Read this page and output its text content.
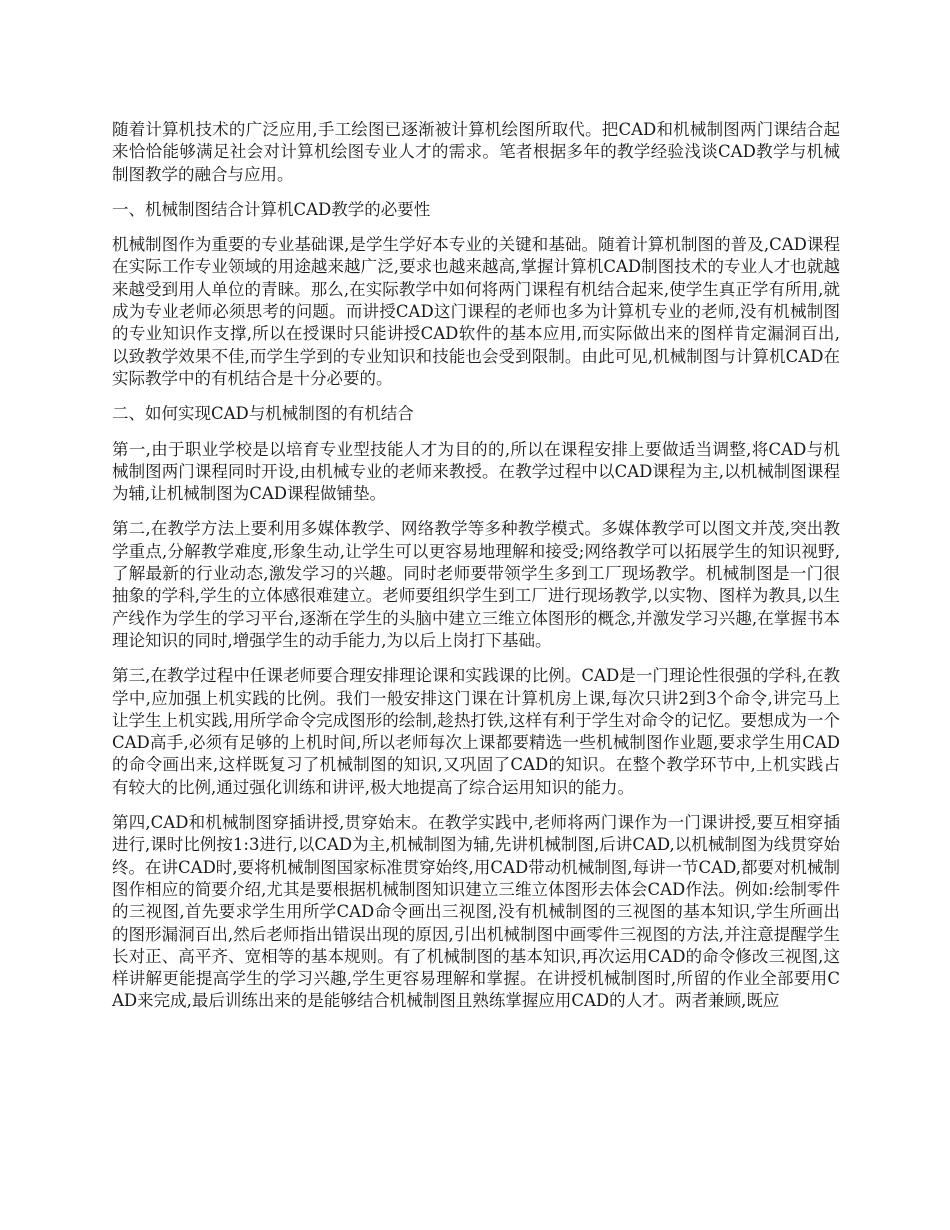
随着计算机技术的广泛应用,手工绘图已逐渐被计算机绘图所取代。把CAD和机械制图两门课结合起来恰恰能够满足社会对计算机绘图专业人才的需求。笔者根据多年的教学经验浅谈CAD教学与机械制图教学的融合与应用。

一、机械制图结合计算机CAD教学的必要性

机械制图作为重要的专业基础课,是学生学好本专业的关键和基础。随着计算机制图的普及,CAD课程在实际工作专业领域的用途越来越广泛,要求也越来越高,掌握计算机CAD制图技术的专业人才也就越来越受到用人单位的青睐。那么,在实际教学中如何将两门课程有机结合起来,使学生真正学有所用,就成为专业老师必须思考的问题。而讲授CAD这门课程的老师也多为计算机专业的老师,没有机械制图的专业知识作支撑,所以在授课时只能讲授CAD软件的基本应用,而实际做出来的图样肯定漏洞百出,以致教学效果不佳,而学生学到的专业知识和技能也会受到限制。由此可见,机械制图与计算机CAD在实际教学中的有机结合是十分必要的。

二、如何实现CAD与机械制图的有机结合

第一,由于职业学校是以培育专业型技能人才为目的的,所以在课程安排上要做适当调整,将CAD与机械制图两门课程同时开设,由机械专业的老师来教授。在教学过程中以CAD课程为主,以机械制图课程为辅,让机械制图为CAD课程做铺垫。

第二,在教学方法上要利用多媒体教学、网络教学等多种教学模式。多媒体教学可以图文并茂,突出教学重点,分解教学难度,形象生动,让学生可以更容易地理解和接受;网络教学可以拓展学生的知识视野,了解最新的行业动态,激发学习的兴趣。同时老师要带领学生多到工厂现场教学。机械制图是一门很抽象的学科,学生的立体感很难建立。老师要组织学生到工厂进行现场教学,以实物、图样为教具,以生产线作为学生的学习平台,逐渐在学生的头脑中建立三维立体图形的概念,并激发学习兴趣,在掌握书本理论知识的同时,增强学生的动手能力,为以后上岗打下基础。

第三,在教学过程中任课老师要合理安排理论课和实践课的比例。CAD是一门理论性很强的学科,在教学中,应加强上机实践的比例。我们一般安排这门课在计算机房上课,每次只讲2到3个命令,讲完马上让学生上机实践,用所学命令完成图形的绘制,趁热打铁,这样有利于学生对命令的记忆。要想成为一个CAD高手,必须有足够的上机时间,所以老师每次上课都要精选一些机械制图作业题,要求学生用CAD的命令画出来,这样既复习了机械制图的知识,又巩固了CAD的知识。在整个教学环节中,上机实践占有较大的比例,通过强化训练和讲评,极大地提高了综合运用知识的能力。

第四,CAD和机械制图穿插讲授,贯穿始末。在教学实践中,老师将两门课作为一门课讲授,要互相穿插进行,课时比例按1:3进行,以CAD为主,机械制图为辅,先讲机械制图,后讲CAD,以机械制图为线贯穿始终。在讲CAD时,要将机械制图国家标准贯穿始终,用CAD带动机械制图,每讲一节CAD,都要对机械制图作相应的简要介绍,尤其是要根据机械制图知识建立三维立体图形去体会CAD作法。例如:绘制零件的三视图,首先要求学生用所学CAD命令画出三视图,没有机械制图的三视图的基本知识,学生所画出的图形漏洞百出,然后老师指出错误出现的原因,引出机械制图中画零件三视图的方法,并注意提醒学生长对正、高平齐、宽相等的基本规则。有了机械制图的基本知识,再次运用CAD的命令修改三视图,这样讲解更能提高学生的学习兴趣,学生更容易理解和掌握。在讲授机械制图时,所留的作业全部要用CAD来完成,最后训练出来的是能够结合机械制图且熟练掌握应用CAD的人才。两者兼顾,既应
